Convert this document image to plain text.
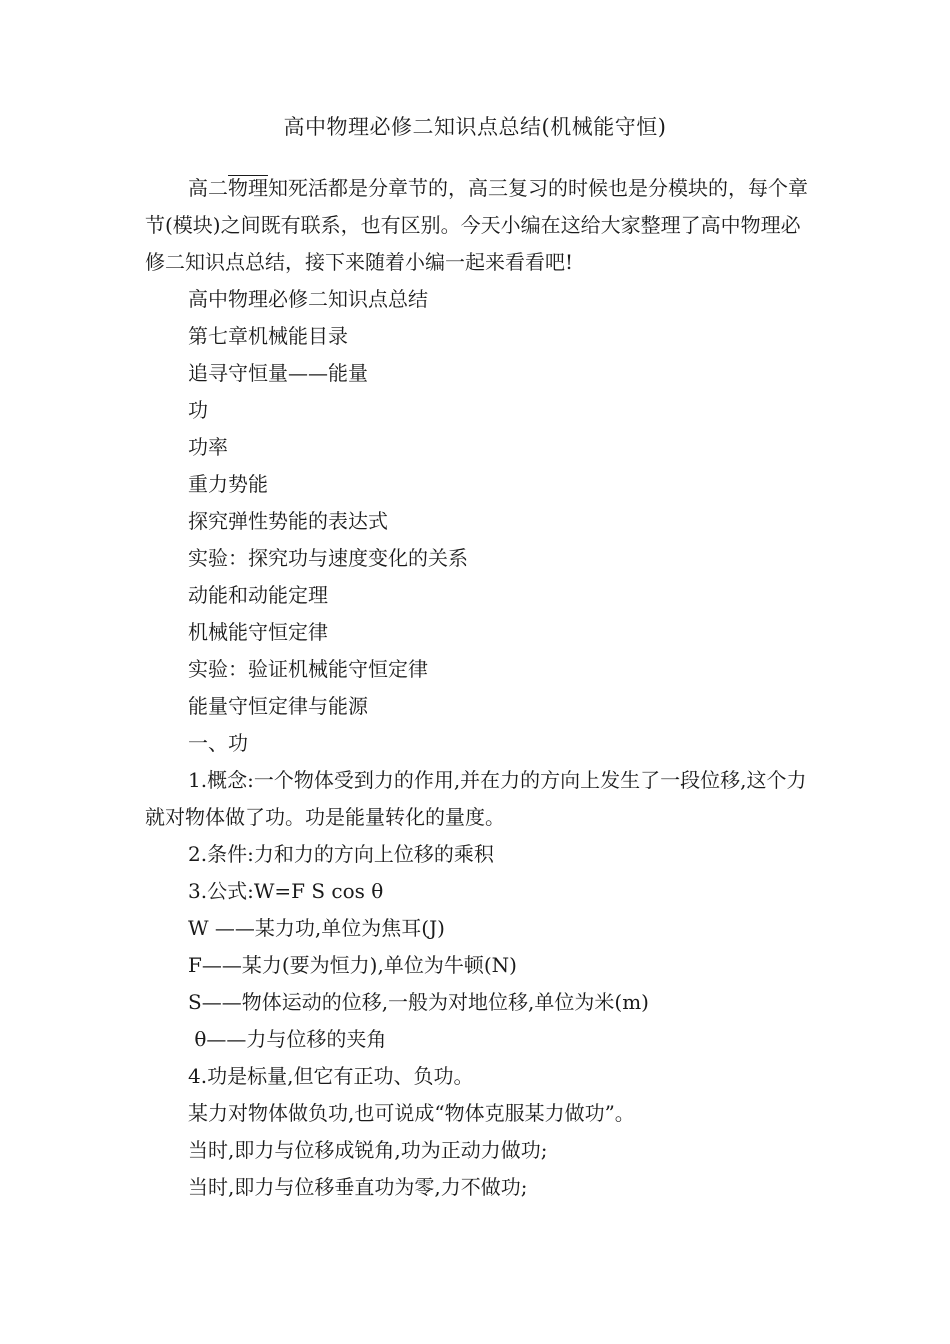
高中物理必修二知识点总结(机械能守恒)

高二物理知死活都是分章节的，高三复习的时候也是分模块的，每个章节(模块)之间既有联系，也有区别。今天小编在这给大家整理了高中物理必修二知识点总结，接下来随着小编一起来看看吧!

高中物理必修二知识点总结

第七章机械能目录

追寻守恒量——能量

功

功率

重力势能

探究弹性势能的表达式

实验：探究功与速度变化的关系

动能和动能定理

机械能守恒定律

实验：验证机械能守恒定律

能量守恒定律与能源

一、功

1.概念:一个物体受到力的作用,并在力的方向上发生了一段位移,这个力就对物体做了功。功是能量转化的量度。

2.条件:力和力的方向上位移的乘积

3.公式:W=F S cos θ

W ——某力功,单位为焦耳(J)

F——某力(要为恒力),单位为牛顿(N)

S——物体运动的位移,一般为对地位移,单位为米(m)

θ——力与位移的夹角

4.功是标量,但它有正功、负功。

某力对物体做负功,也可说成“物体克服某力做功”。

当时,即力与位移成锐角,功为正动力做功;

当时,即力与位移垂直功为零,力不做功;
